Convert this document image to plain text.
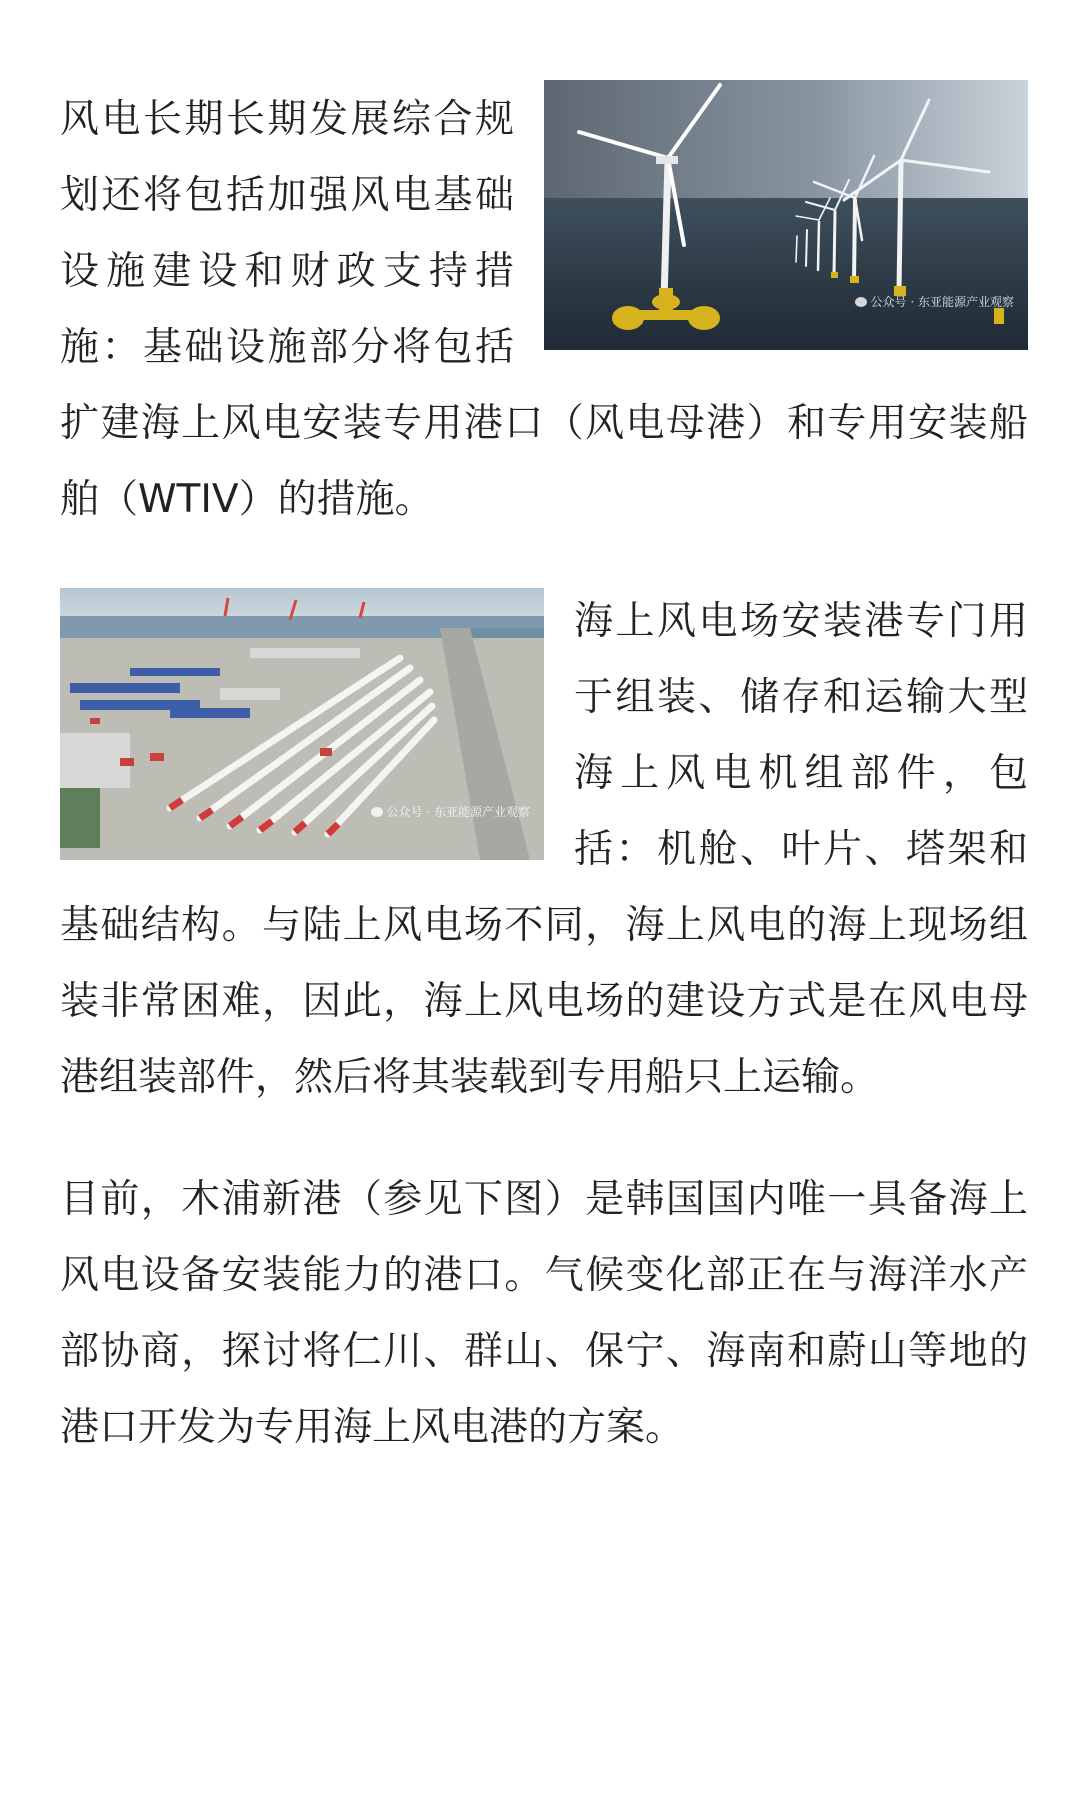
公众号 · 东亚能源产业观察
风电长期长期发展综合规划还将包括加强风电基础设施建设和财政支持措施：基础设施部分将包括扩建海上风电安装专用港口（风电母港）和专用安装船舶（WTIV）的措施。

公众号 · 东亚能源产业观察
海上风电场安装港专门用于组装、储存和运输大型海上风电机组部件，包括：机舱、叶片、塔架和基础结构。与陆上风电场不同，海上风电的海上现场组装非常困难，因此，海上风电场的建设方式是在风电母港组装部件，然后将其装载到专用船只上运输。

目前，木浦新港（参见下图）是韩国国内唯一具备海上风电设备安装能力的港口。气候变化部正在与海洋水产部协商，探讨将仁川、群山、保宁、海南和蔚山等地的港口开发为专用海上风电港的方案。
